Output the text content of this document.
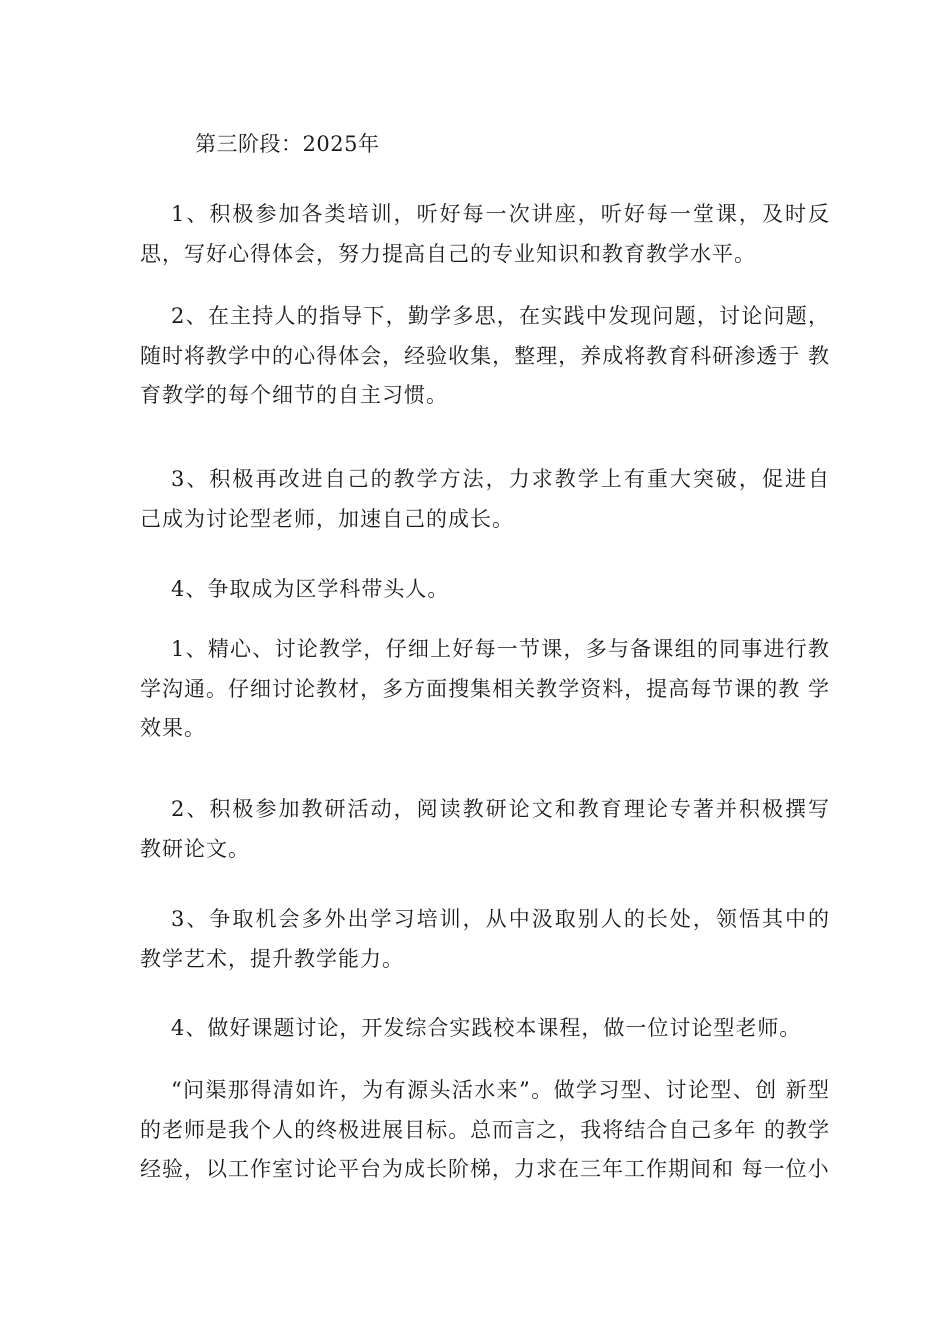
第三阶段：2025年

1、积极参加各类培训，听好每一次讲座，听好每一堂课，及时反思，写好心得体会，努力提高自己的专业知识和教育教学水平。

2、在主持人的指导下，勤学多思，在实践中发现问题，讨论问题，随时将教学中的心得体会，经验收集，整理，养成将教育科研渗透于 教育教学的每个细节的自主习惯。

3、积极再改进自己的教学方法，力求教学上有重大突破，促进自 己成为讨论型老师，加速自己的成长。

4、争取成为区学科带头人。

1、精心、讨论教学，仔细上好每一节课，多与备课组的同事进行教学沟通。仔细讨论教材，多方面搜集相关教学资料，提高每节课的教 学效果。

2、积极参加教研活动，阅读教研论文和教育理论专著并积极撰写 教研论文。

3、争取机会多外出学习培训，从中汲取别人的长处，领悟其中的 教学艺术，提升教学能力。

4、做好课题讨论，开发综合实践校本课程，做一位讨论型老师。

“问渠那得清如许，为有源头活水来”。做学习型、讨论型、创 新型的老师是我个人的终极进展目标。总而言之，我将结合自己多年 的教学经验，以工作室讨论平台为成长阶梯，力求在三年工作期间和 每一位小
